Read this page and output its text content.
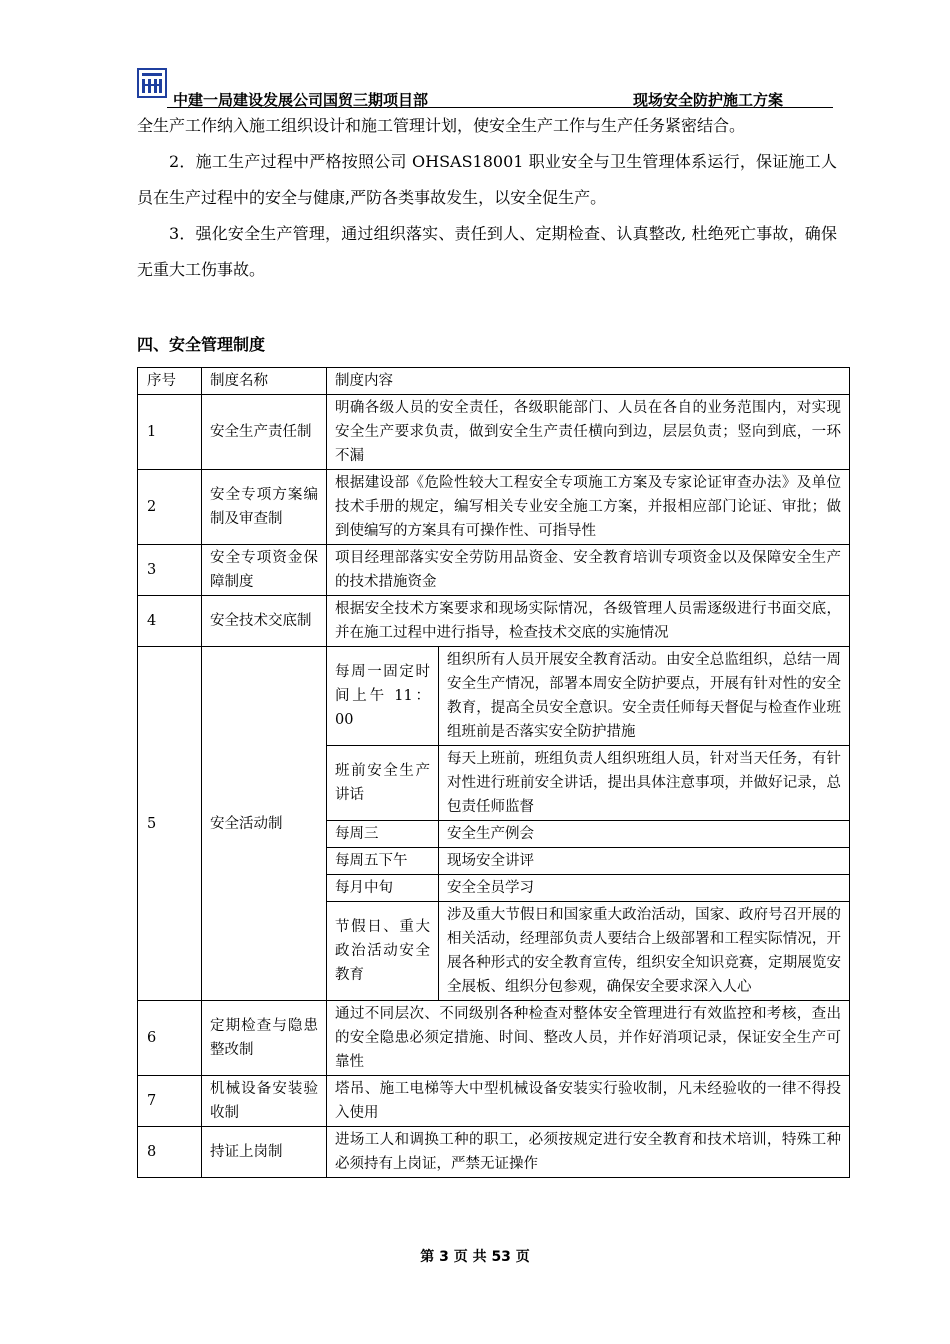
中建一局建设发展公司国贸三期项目部	现场安全防护施工方案

全生产工作纳入施工组织设计和施工管理计划，使安全生产工作与生产任务紧密结合。

2．施工生产过程中严格按照公司 OHSAS18001 职业安全与卫生管理体系运行，保证施工人员在生产过程中的安全与健康,严防各类事故发生，以安全促生产。

3．强化安全生产管理，通过组织落实、责任到人、定期检查、认真整改, 杜绝死亡事故，确保无重大工伤事故。

四、安全管理制度
序号	制度名称	制度内容	
1	安全生产责任制	明确各级人员的安全责任，各级职能部门、人员在各自的业务范围内，对实现安全生产要求负责，做到安全生产责任横向到边，层层负责；竖向到底，一环不漏	
2	安全专项方案编制及审查制	根据建设部《危险性较大工程安全专项施工方案及专家论证审查办法》及单位技术手册的规定，编写相关专业安全施工方案，并报相应部门论证、审批；做到使编写的方案具有可操作性、可指导性	
3	安全专项资金保障制度	项目经理部落实安全劳防用品资金、安全教育培训专项资金以及保障安全生产的技术措施资金	
4	安全技术交底制	根据安全技术方案要求和现场实际情况，各级管理人员需逐级进行书面交底，并在施工过程中进行指导，检查技术交底的实施情况	
5	安全活动制	每周一固定时间上午 11：00	组织所有人员开展安全教育活动。由安全总监组织，总结一周安全生产情况，部署本周安全防护要点，开展有针对性的安全教育，提高全员安全意识。安全责任师每天督促与检查作业班组班前是否落实安全防护措施
		班前安全生产讲话	每天上班前，班组负责人组织班组人员，针对当天任务，有针对性进行班前安全讲话，提出具体注意事项，并做好记录，总包责任师监督
		每周三	安全生产例会
		每周五下午	现场安全讲评
		每月中旬	安全全员学习
		节假日、重大政治活动安全教育	涉及重大节假日和国家重大政治活动，国家、政府号召开展的相关活动，经理部负责人要结合上级部署和工程实际情况，开展各种形式的安全教育宣传，组织安全知识竞赛，定期展览安全展板、组织分包参观，确保安全要求深入人心
6	定期检查与隐患整改制	通过不同层次、不同级别各种检查对整体安全管理进行有效监控和考核，查出的安全隐患必须定措施、时间、整改人员，并作好消项记录，保证安全生产可靠性	
7	机械设备安装验收制	塔吊、施工电梯等大中型机械设备安装实行验收制，凡未经验收的一律不得投入使用	
8	持证上岗制	进场工人和调换工种的职工，必须按规定进行安全教育和技术培训，特殊工种必须持有上岗证，严禁无证操作	
第 3 页 共 53 页
